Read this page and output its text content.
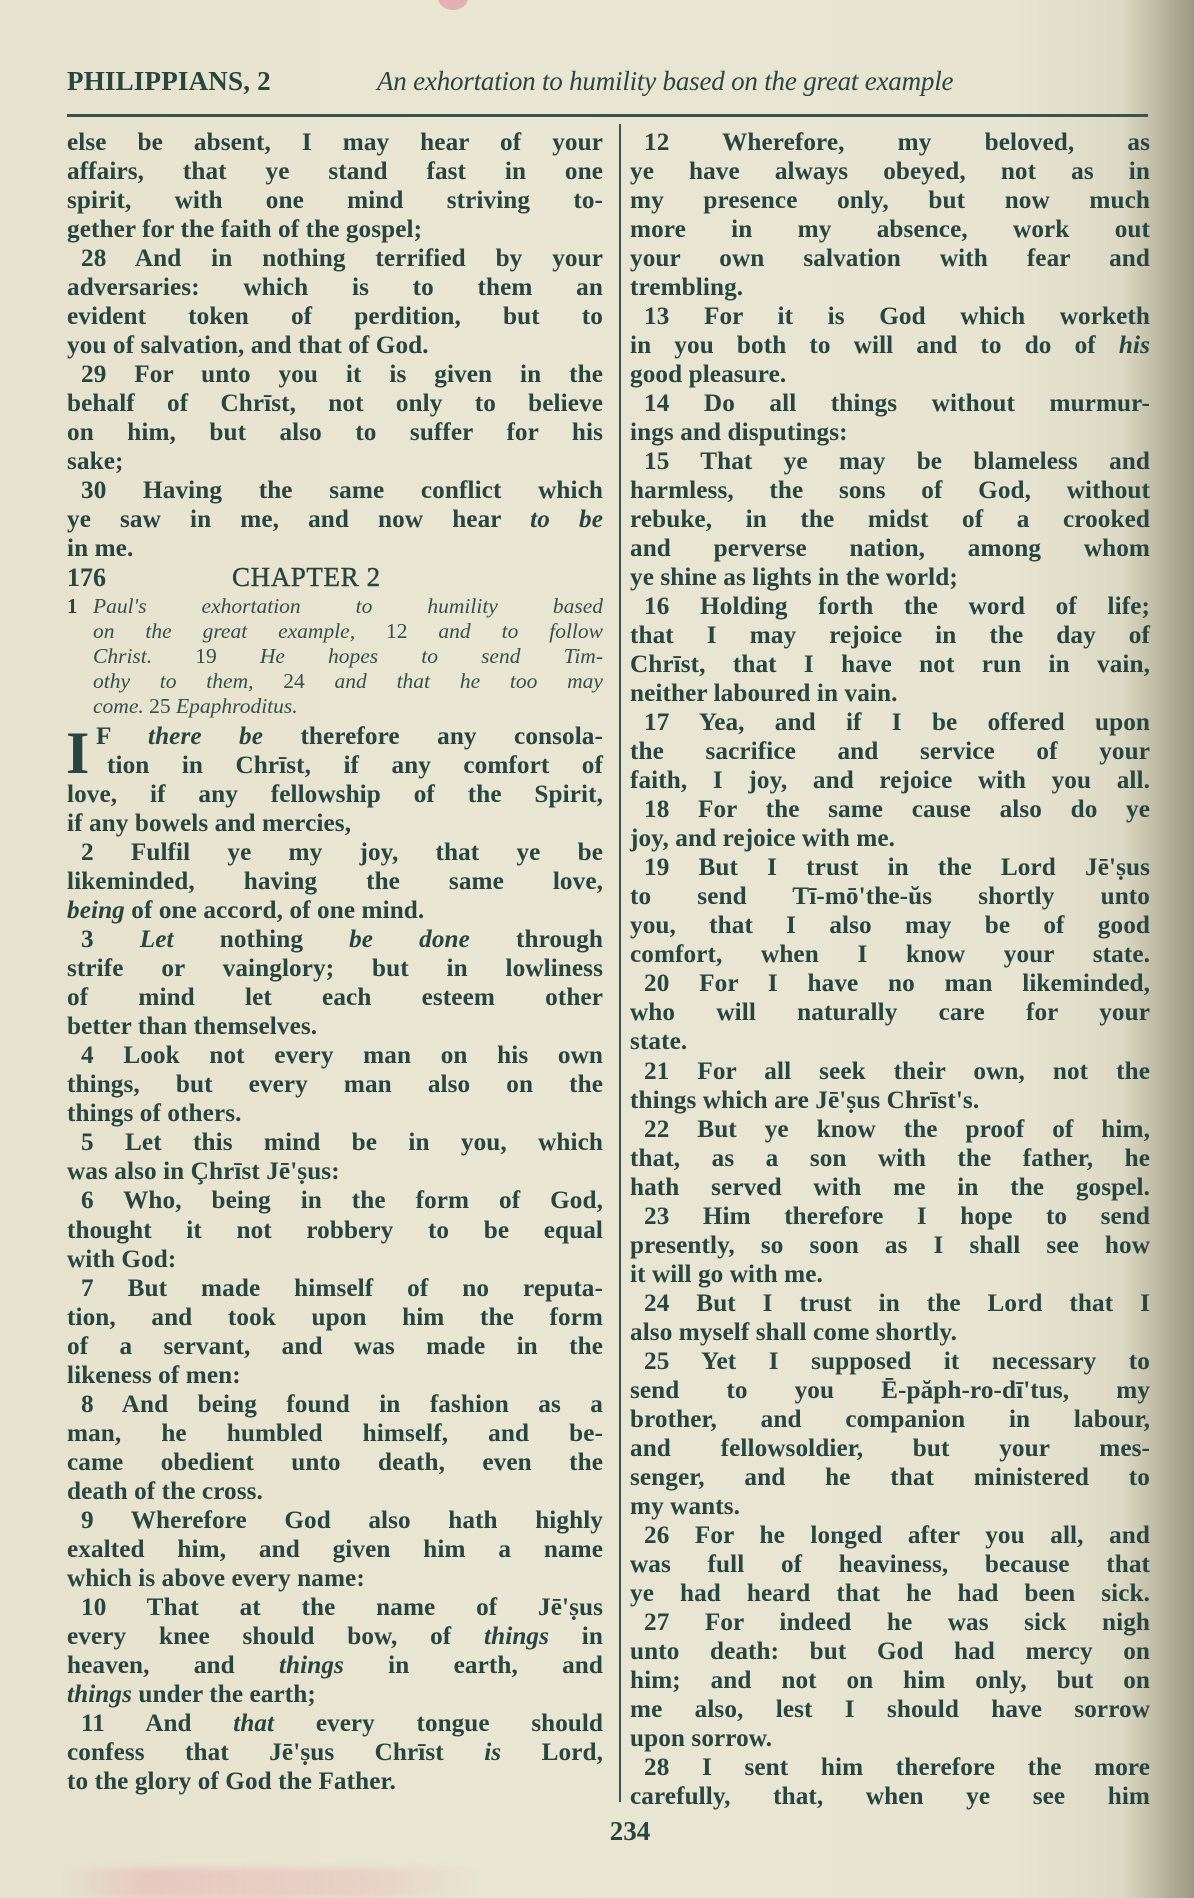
PHILIPPIANS, 2	An exhortation to humility based on the great example
else be absent, I may hear of your
affairs, that ye stand fast in one
spirit, with one mind striving to-
gether for the faith of the gospel;
28 And in nothing terrified by your
adversaries: which is to them an
evident token of perdition, but to
you of salvation, and that of God.
29 For unto you it is given in the
behalf of Chrīst, not only to believe
on him, but also to suffer for his
sake;
30 Having the same conflict which
ye saw in me, and now hear to be
in me.
176	CHAPTER 2
1 Paul's exhortation to humility based
on the great example, 12 and to follow
Christ. 19 He hopes to send Tim-
othy to them, 24 and that he too may
come. 25 Epaphroditus.
I F there be therefore any consola-
tion in Chrīst, if any comfort of
love, if any fellowship of the Spirit,
if any bowels and mercies,
2 Fulfil ye my joy, that ye be
likeminded, having the same love,
being of one accord, of one mind.
3 Let nothing be done through
strife or vainglory; but in lowliness
of mind let each esteem other
better than themselves.
4 Look not every man on his own
things, but every man also on the
things of others.
5 Let this mind be in you, which
was also in Çhrīst Jē'ṣus:
6 Who, being in the form of God,
thought it not robbery to be equal
with God:
7 But made himself of no reputa-
tion, and took upon him the form
of a servant, and was made in the
likeness of men:
8 And being found in fashion as a
man, he humbled himself, and be-
came obedient unto death, even the
death of the cross.
9 Wherefore God also hath highly
exalted him, and given him a name
which is above every name:
10 That at the name of Jē'ṣus
every knee should bow, of things in
heaven, and things in earth, and
things under the earth;
11 And that every tongue should
confess that Jē'ṣus Chrīst is Lord,
to the glory of God the Father.
12 Wherefore, my beloved, as
ye have always obeyed, not as in
my presence only, but now much
more in my absence, work out
your own salvation with fear and
trembling.
13 For it is God which worketh
in you both to will and to do of his
good pleasure.
14 Do all things without murmur-
ings and disputings:
15 That ye may be blameless and
harmless, the sons of God, without
rebuke, in the midst of a crooked
and perverse nation, among whom
ye shine as lights in the world;
16 Holding forth the word of life;
that I may rejoice in the day of
Chrīst, that I have not run in vain,
neither laboured in vain.
17 Yea, and if I be offered upon
the sacrifice and service of your
faith, I joy, and rejoice with you all.
18 For the same cause also do ye
joy, and rejoice with me.
19 But I trust in the Lord Jē'ṣus
to send Tī-mō'the-ŭs shortly unto
you, that I also may be of good
comfort, when I know your state.
20 For I have no man likeminded,
who will naturally care for your
state.
21 For all seek their own, not the
things which are Jē'ṣus Chrīst's.
22 But ye know the proof of him,
that, as a son with the father, he
hath served with me in the gospel.
23 Him therefore I hope to send
presently, so soon as I shall see how
it will go with me.
24 But I trust in the Lord that I
also myself shall come shortly.
25 Yet I supposed it necessary to
send to you Ē-păph-ro-dī'tus, my
brother, and companion in labour,
and fellowsoldier, but your mes-
senger, and he that ministered to
my wants.
26 For he longed after you all, and
was full of heaviness, because that
ye had heard that he had been sick.
27 For indeed he was sick nigh
unto death: but God had mercy on
him; and not on him only, but on
me also, lest I should have sorrow
upon sorrow.
28 I sent him therefore the more
carefully, that, when ye see him
234
